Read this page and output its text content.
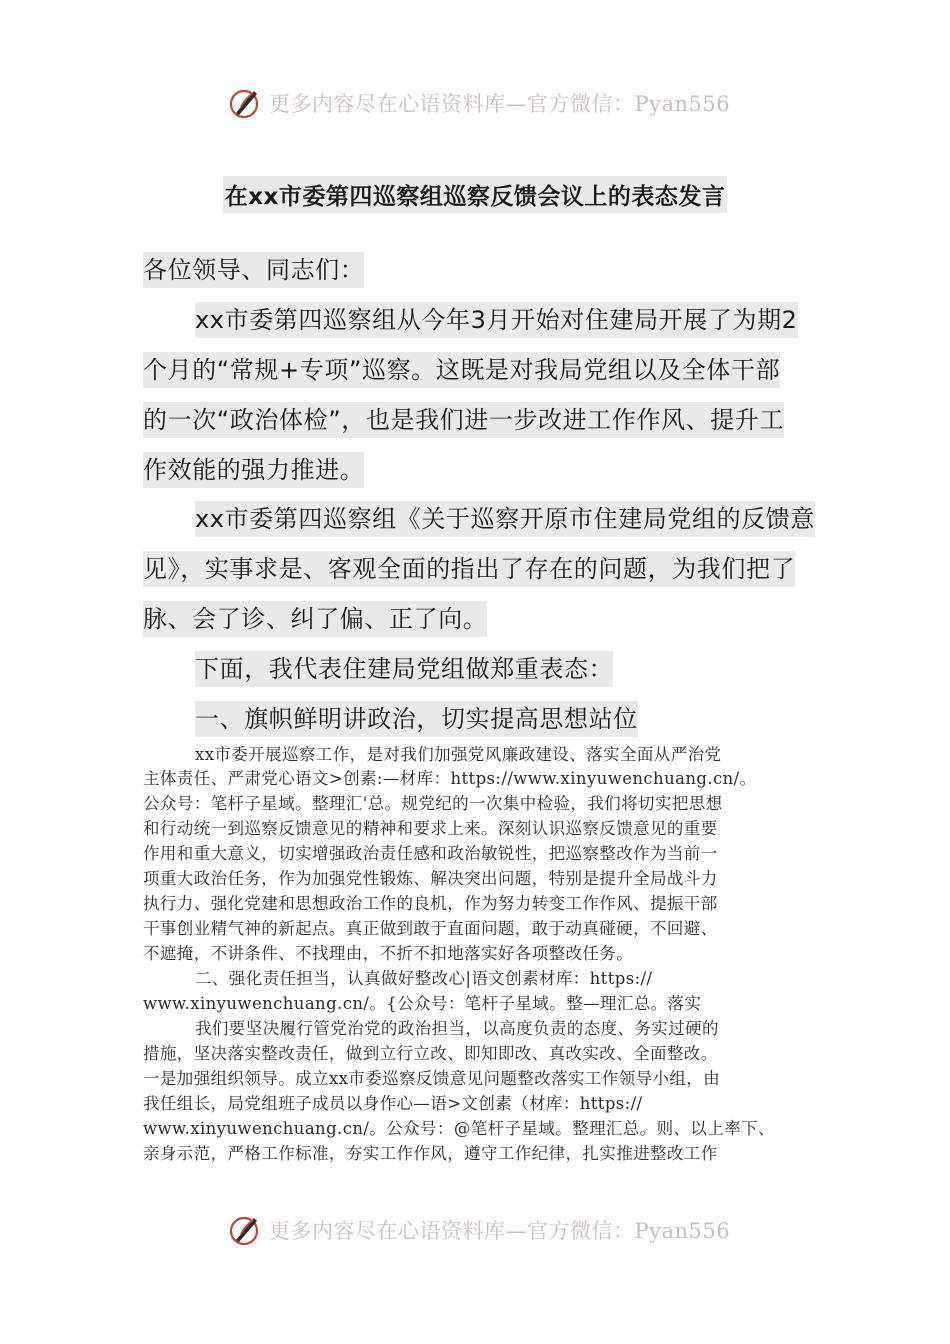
更多内容尽在心语资料库—官方微信：Pyan556
在xx市委第四巡察组巡察反馈会议上的表态发言
各位领导、同志们：
xx市委第四巡察组从今年3月开始对住建局开展了为期2
个月的“常规+专项”巡察。这既是对我局党组以及全体干部
的一次“政治体检”，也是我们进一步改进工作作风、提升工
作效能的强力推进。
xx市委第四巡察组《关于巡察开原市住建局党组的反馈意
见》，实事求是、客观全面的指出了存在的问题，为我们把了
脉、会了诊、纠了偏、正了向。
下面，我代表住建局党组做郑重表态：
一、旗帜鲜明讲政治，切实提高思想站位
xx市委开展巡察工作，是对我们加强党风廉政建设、落实全面从严治党
主体责任、严肃党心语文>创素:—材库：https://www.xinyuwenchuang.cn/。
公众号：笔杆子星域。整理汇'总。规党纪的一次集中检验，我们将切实把思想
和行动统一到巡察反馈意见的精神和要求上来。深刻认识巡察反馈意见的重要
作用和重大意义，切实增强政治责任感和政治敏锐性，把巡察整改作为当前一
项重大政治任务，作为加强党性锻炼、解决突出问题，特别是提升全局战斗力
执行力、强化党建和思想政治工作的良机，作为努力转变工作作风、提振干部
干事创业精气神的新起点。真正做到敢于直面问题，敢于动真碰硬，不回避、
不遮掩，不讲条件、不找理由，不折不扣地落实好各项整改任务。
二、强化责任担当，认真做好整改心|语文创素材库：https://
www.xinyuwenchuang.cn/。{公众号：笔杆子星域。整—理汇总。落实
我们要坚决履行管党治党的政治担当，以高度负责的态度、务实过硬的
措施，坚决落实整改责任，做到立行立改、即知即改、真改实改、全面整改。
一是加强组织领导。成立xx市委巡察反馈意见问题整改落实工作领导小组，由
我任组长，局党组班子成员以身作心—语>文创素（材库：https://
www.xinyuwenchuang.cn/。公众号：@笔杆子星域。整理汇总。则、以上率下、
亲身示范，严格工作标准，夯实工作作风，遵守工作纪律，扎实推进整改工作
更多内容尽在心语资料库—官方微信：Pyan556
